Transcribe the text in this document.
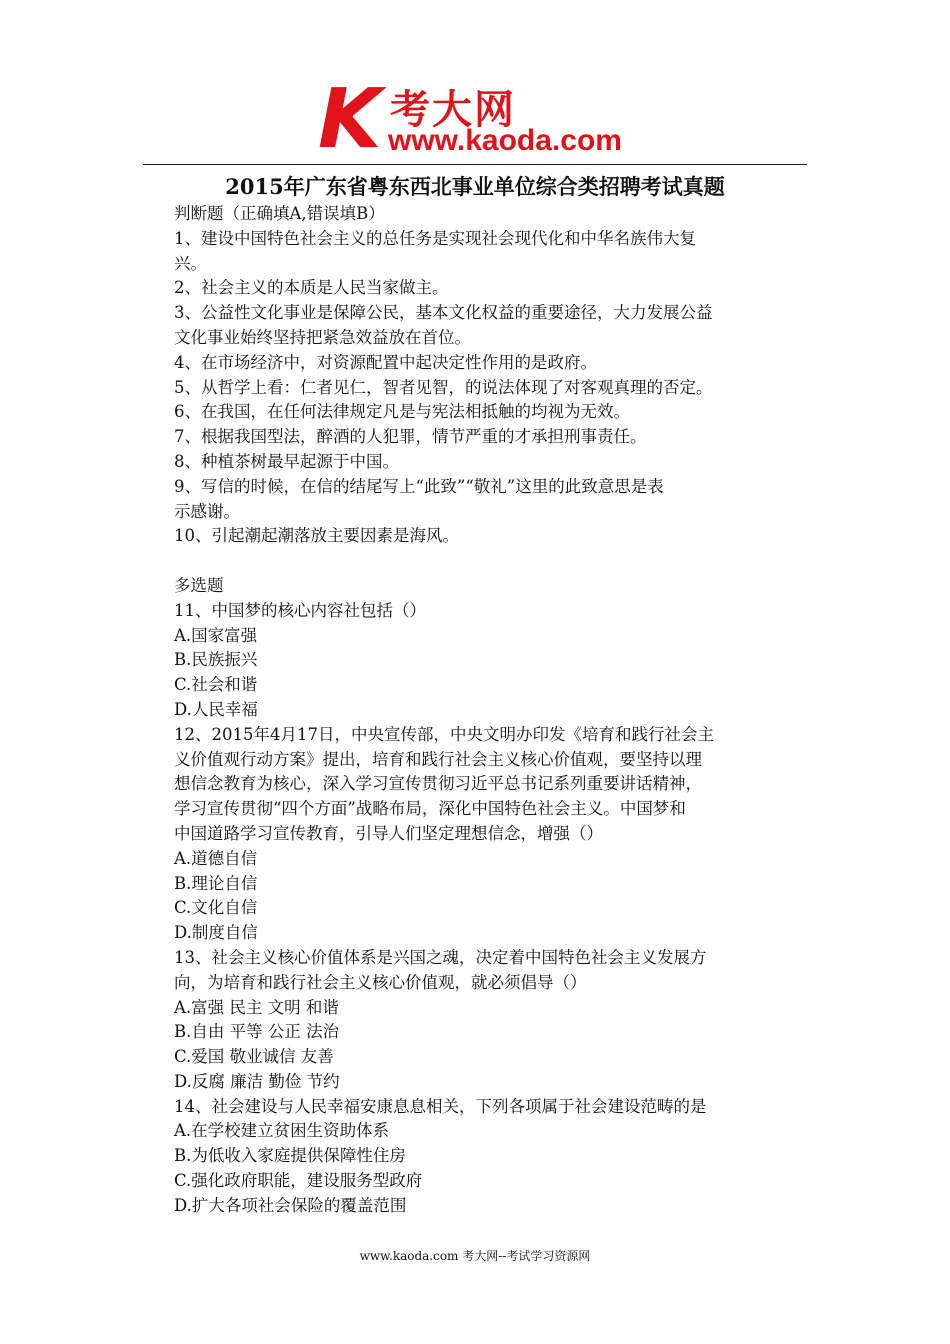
K 考大网
www.kaoda.com
2015年广东省粤东西北事业单位综合类招聘考试真题
判断题（正确填A,错误填B）
1、建设中国特色社会主义的总任务是实现社会现代化和中华名族伟大复
兴。
2、社会主义的本质是人民当家做主。
3、公益性文化事业是保障公民，基本文化权益的重要途径，大力发展公益
文化事业始终坚持把紧急效益放在首位。
4、在市场经济中，对资源配置中起决定性作用的是政府。
5、从哲学上看：仁者见仁，智者见智，的说法体现了对客观真理的否定。
6、在我国，在任何法律规定凡是与宪法相抵触的均视为无效。
7、根据我国型法，醉酒的人犯罪，情节严重的才承担刑事责任。
8、种植茶树最早起源于中国。
9、写信的时候，在信的结尾写上“此致”“敬礼”这里的此致意思是表
示感谢。
10、引起潮起潮落放主要因素是海风。
多选题
11、中国梦的核心内容社包括（）
A.国家富强
B.民族振兴
C.社会和谐
D.人民幸福
12、2015年4月17日，中央宣传部，中央文明办印发《培育和践行社会主
义价值观行动方案》提出，培育和践行社会主义核心价值观，要坚持以理
想信念教育为核心，深入学习宣传贯彻习近平总书记系列重要讲话精神，
学习宣传贯彻“四个方面”战略布局，深化中国特色社会主义。中国梦和
中国道路学习宣传教育，引导人们坚定理想信念，增强（）
A.道德自信
B.理论自信
C.文化自信
D.制度自信
13、社会主义核心价值体系是兴国之魂，决定着中国特色社会主义发展方
向，为培育和践行社会主义核心价值观，就必须倡导（）
A.富强 民主 文明 和谐
B.自由 平等 公正 法治
C.爱国 敬业诚信 友善
D.反腐 廉洁 勤俭 节约
14、社会建设与人民幸福安康息息相关，下列各项属于社会建设范畴的是
A.在学校建立贫困生资助体系
B.为低收入家庭提供保障性住房
C.强化政府职能，建设服务型政府
D.扩大各项社会保险的覆盖范围
www.kaoda.com 考大网--考试学习资源网
